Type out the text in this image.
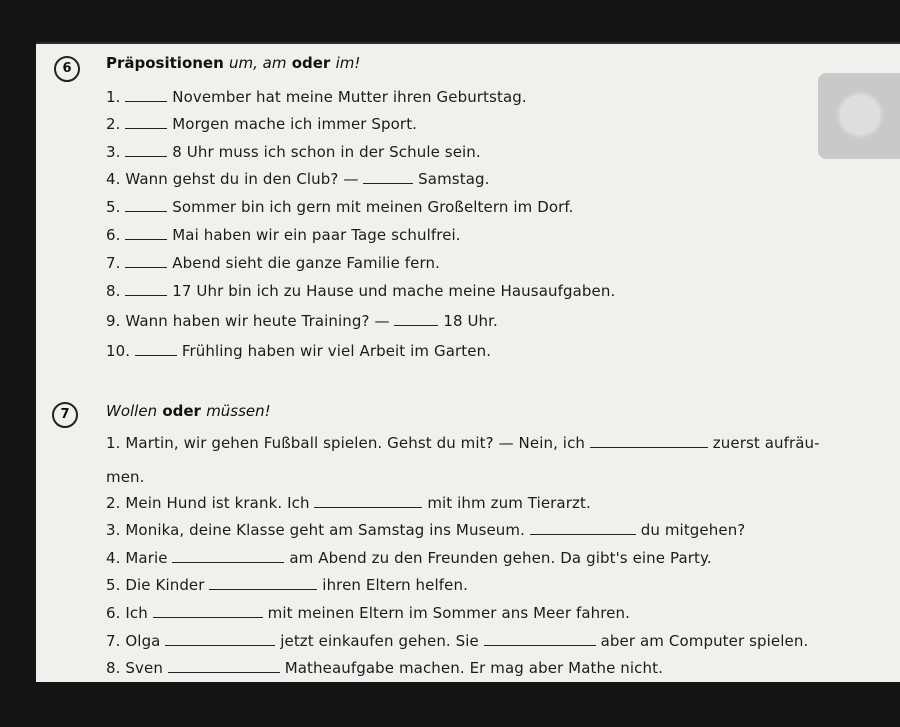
6	Präpositionen um, am oder im!
1.	November hat meine Mutter ihren Geburtstag.
2.	Morgen mache ich immer Sport.
3.	8 Uhr muss ich schon in der Schule sein.
4. Wann gehst du in den Club? —	Samstag.
5.	Sommer bin ich gern mit meinen Großeltern im Dorf.
6.	Mai haben wir ein paar Tage schulfrei.
7.	Abend sieht die ganze Familie fern.
8.	17 Uhr bin ich zu Hause und mache meine Hausaufgaben.
9. Wann haben wir heute Training? —	18 Uhr.
10.	Frühling haben wir viel Arbeit im Garten.
7	Wollen oder müssen!
1. Martin, wir gehen Fußball spielen. Gehst du mit? — Nein, ich	zuerst aufräu-
men.
2. Mein Hund ist krank. Ich	mit ihm zum Tierarzt.
3. Monika, deine Klasse geht am Samstag ins Museum.	du mitgehen?
4. Marie	am Abend zu den Freunden gehen. Da gibt's eine Party.
5. Die Kinder	ihren Eltern helfen.
6. Ich	mit meinen Eltern im Sommer ans Meer fahren.
7. Olga	jetzt einkaufen gehen. Sie	aber am Computer spielen.
8. Sven	Matheaufgabe machen. Er mag aber Mathe nicht.
